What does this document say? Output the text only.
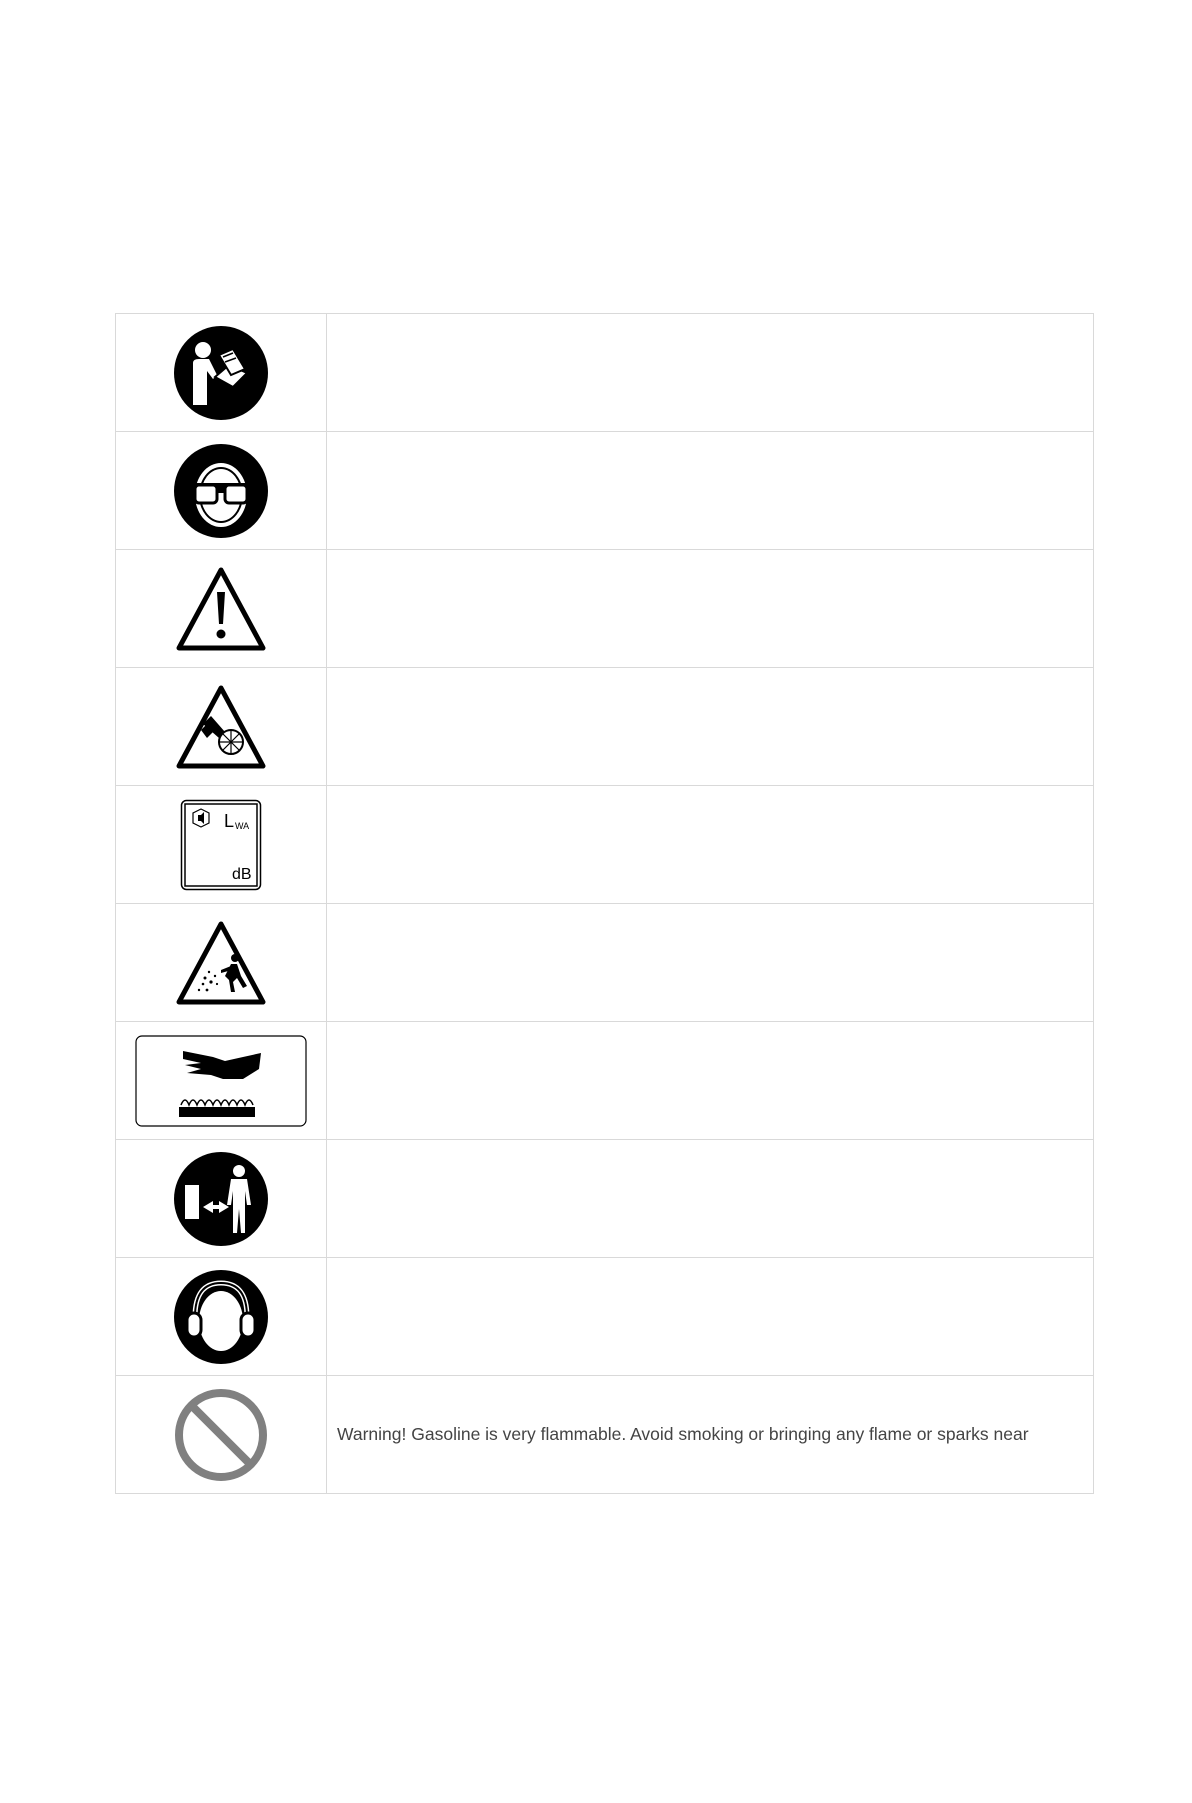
L WA
dB	

	Warning! Gasoline is very flammable. Avoid smoking or bringing any flame or sparks near
